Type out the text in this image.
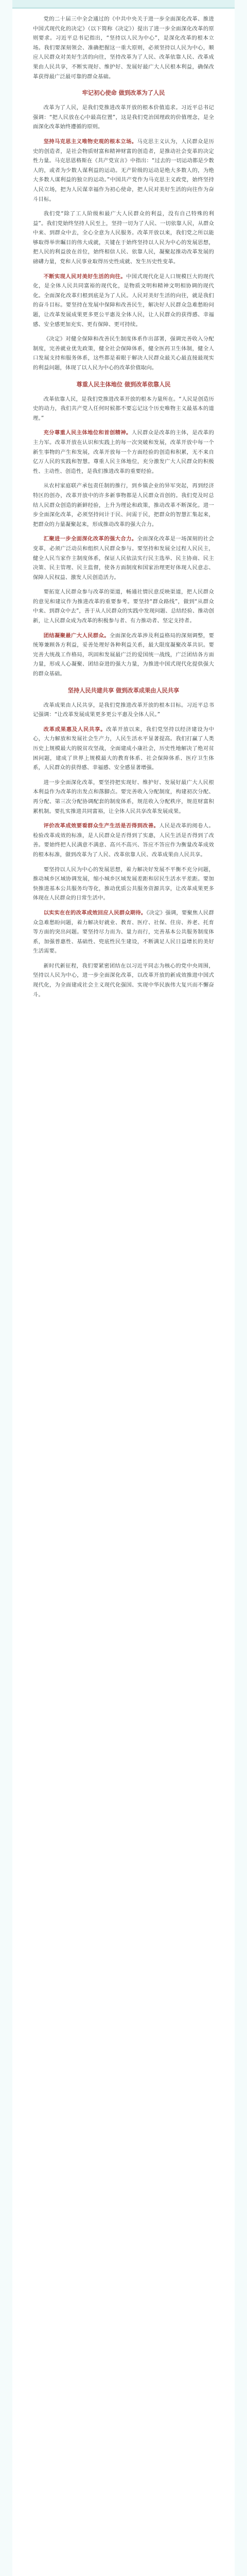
党的二十届三中全会通过的《中共中央关于进一步全面深化改革、推进中国式现代化的决定》（以下简称《决定》）提出了进一步全面深化改革的原则要求。习近平总书记指出，“坚持以人民为中心”，是深化改革的根本立场。我们要深刻领会、准确把握这一重大原则，必须坚持以人民为中心，顺应人民群众对美好生活的向往，坚持改革为了人民、改革依靠人民、改革成果由人民共享，不断实现好、维护好、发展好最广大人民根本利益，确保改革获得最广泛最可靠的群众基础。

牢记初心使命 做到改革为了人民

改革为了人民，是我们党推进改革开放的根本价值追求。习近平总书记强调：“把人民放在心中最高位置”，这是我们党治国理政的价值理念，是全面深化改革始终遵循的原则。

坚持马克思主义唯物史观的根本立场。马克思主义认为，人民群众是历史的创造者，是社会物质财富和精神财富的创造者，是推动社会变革的决定性力量。马克思恩格斯在《共产党宣言》中指出：“过去的一切运动都是少数人的，或者为少数人谋利益的运动。无产阶级的运动是绝大多数人的，为绝大多数人谋利益的独立的运动。”中国共产党作为马克思主义政党，始终坚持人民立场，把为人民谋幸福作为初心使命，把人民对美好生活的向往作为奋斗目标。

我们党“除了工人阶级和最广大人民群众的利益，没有自己特殊的利益”。我们党始终坚持人民至上，坚持一切为了人民、一切依靠人民，从群众中来、到群众中去，全心全意为人民服务。改革开放以来，我们党之所以能够取得举世瞩目的伟大成就，关键在于始终坚持以人民为中心的发展思想，把人民的利益放在首位，始终相信人民、依靠人民，凝聚起推动改革发展的磅礴力量，党和人民事业取得历史性成就、发生历史性变革。

不断实现人民对美好生活的向往。中国式现代化是人口规模巨大的现代化，是全体人民共同富裕的现代化，是物质文明和精神文明相协调的现代化。全面深化改革归根到底是为了人民。人民对美好生活的向往，就是我们的奋斗目标。要坚持在发展中保障和改善民生，解决好人民群众急难愁盼问题，让改革发展成果更多更公平惠及全体人民，让人民群众的获得感、幸福感、安全感更加充实、更有保障、更可持续。

《决定》对健全保障和改善民生制度体系作出部署，强调完善收入分配制度，完善就业优先政策，健全社会保障体系，健全医药卫生体制，健全人口发展支持和服务体系，这些都是着眼于解决人民群众最关心最直接最现实的利益问题，体现了以人民为中心的改革价值取向。

尊重人民主体地位 做到改革依靠人民

改革依靠人民，是我们党推进改革开放的根本力量所在。“人民是创造历史的动力，我们共产党人任何时候都不要忘记这个历史唯物主义最基本的道理。”

充分尊重人民主体地位和首创精神。人民群众是改革的主体，是改革的主力军。改革开放在认识和实践上的每一次突破和发展，改革开放中每一个新生事物的产生和发展，改革开放每一个方面经验的创造和积累，无不来自亿万人民的实践和智慧。尊重人民主体地位，充分激发广大人民群众的积极性、主动性、创造性，是我们推进改革的重要经验。

从农村家庭联产承包责任制的推行，到乡镇企业的异军突起，再到经济特区的创办，改革开放中的许多新事物都是人民群众首创的。我们党及时总结人民群众创造的新鲜经验，上升为理论和政策，推动改革不断深化。进一步全面深化改革，必须坚持问计于民、问需于民，把群众的智慧汇集起来，把群众的力量凝聚起来，形成推动改革的强大合力。

汇聚进一步全面深化改革的强大合力。全面深化改革是一场深刻的社会变革，必须广泛动员和组织人民群众参与。要坚持和发展全过程人民民主，健全人民当家作主制度体系，保证人民依法实行民主选举、民主协商、民主决策、民主管理、民主监督，使各方面制度和国家治理更好体现人民意志、保障人民权益、激发人民创造活力。

要拓宽人民群众参与改革的渠道，畅通社情民意反映渠道，把人民群众的意见和建议作为推进改革的重要参考。要坚持“群众路线”，做到“从群众中来、到群众中去”，善于从人民群众的实践中发现问题、总结经验、推动创新，让人民群众成为改革的积极参与者、有力推动者、坚定支持者。

团结凝聚最广大人民群众。全面深化改革涉及利益格局的深刻调整，要统筹兼顾各方利益，妥善处理好各种利益关系，最大限度凝聚改革共识。要完善大统战工作格局，巩固和发展最广泛的爱国统一战线，广泛团结各方面力量，形成人心凝聚、团结奋进的强大力量，为推进中国式现代化提供强大的群众基础。

坚持人民共建共享 做到改革成果由人民共享

改革成果由人民共享，是我们党推进改革开放的根本目标。习近平总书记强调：“让改革发展成果更多更公平惠及全体人民。”

改革成果惠及人民共享。改革开放以来，我们党坚持以经济建设为中心，大力解放和发展社会生产力，人民生活水平显著提高。我们打赢了人类历史上规模最大的脱贫攻坚战，全面建成小康社会，历史性地解决了绝对贫困问题，建成了世界上规模最大的教育体系、社会保障体系、医疗卫生体系，人民群众的获得感、幸福感、安全感显著增强。

进一步全面深化改革，要坚持把实现好、维护好、发展好最广大人民根本利益作为改革的出发点和落脚点。要完善收入分配制度，构建初次分配、再分配、第三次分配协调配套的制度体系，规范收入分配秩序，规范财富积累机制。要扎实推进共同富裕，让全体人民共享改革发展成果。

评价改革成效要看群众生产生活是否得到改善。人民是改革的阅卷人。检验改革成效的标准，是人民群众是否得到了实惠，人民生活是否得到了改善。要始终把人民满意不满意、高兴不高兴、答应不答应作为衡量改革成效的根本标准，做到改革为了人民、改革依靠人民、改革成果由人民共享。

要坚持以人民为中心的发展思想，着力解决好发展不平衡不充分问题，推动城乡区域协调发展，缩小城乡区域发展差距和居民生活水平差距。要加快推进基本公共服务均等化，推动优质公共服务资源共享，让改革成果更多体现在人民群众的日常生活中。

以实实在在的改革成效回应人民群众期待。《决定》强调，要聚焦人民群众急难愁盼问题，着力解决好就业、教育、医疗、社保、住房、养老、托育等方面的突出问题。要坚持尽力而为、量力而行，完善基本公共服务制度体系，加强普惠性、基础性、兜底性民生建设，不断满足人民日益增长的美好生活需要。

新时代新征程，我们要紧密团结在以习近平同志为核心的党中央周围，坚持以人民为中心，进一步全面深化改革，以改革开放的新成效推进中国式现代化，为全面建成社会主义现代化强国、实现中华民族伟大复兴而不懈奋斗。
